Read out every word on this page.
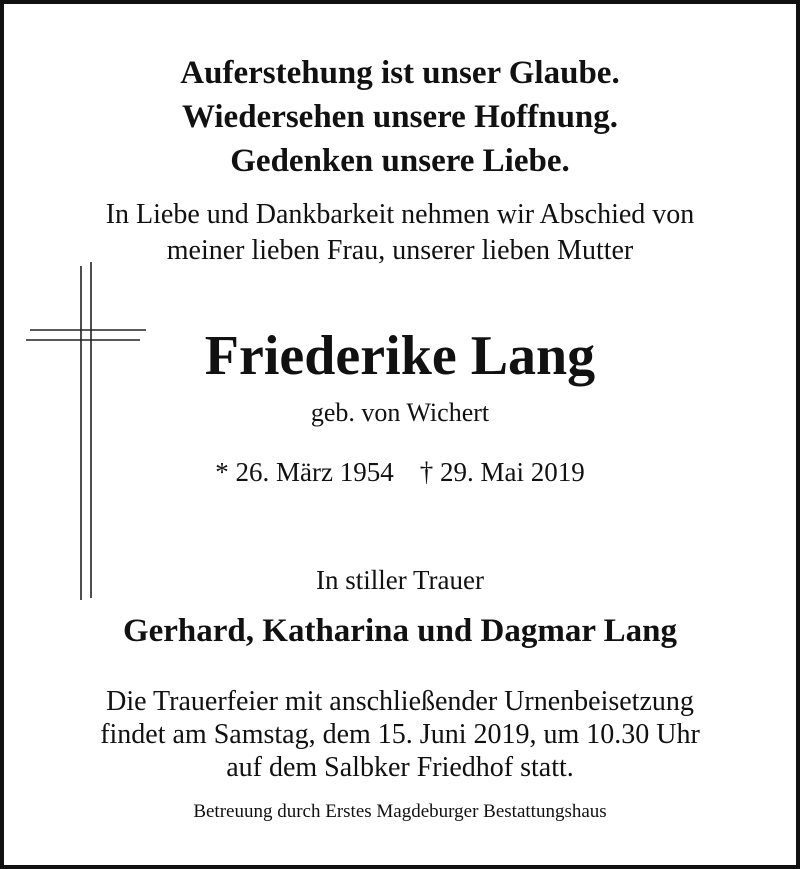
Auferstehung ist unser Glaube.
Wiedersehen unsere Hoffnung.
Gedenken unsere Liebe.
In Liebe und Dankbarkeit nehmen wir Abschied von
meiner lieben Frau, unserer lieben Mutter
Friederike Lang
geb. von Wichert
* 26. März 1954 † 29. Mai 2019
In stiller Trauer
Gerhard, Katharina und Dagmar Lang
Die Trauerfeier mit anschließender Urnenbeisetzung
findet am Samstag, dem 15. Juni 2019, um 10.30 Uhr
auf dem Salbker Friedhof statt.
Betreuung durch Erstes Magdeburger Bestattungshaus
